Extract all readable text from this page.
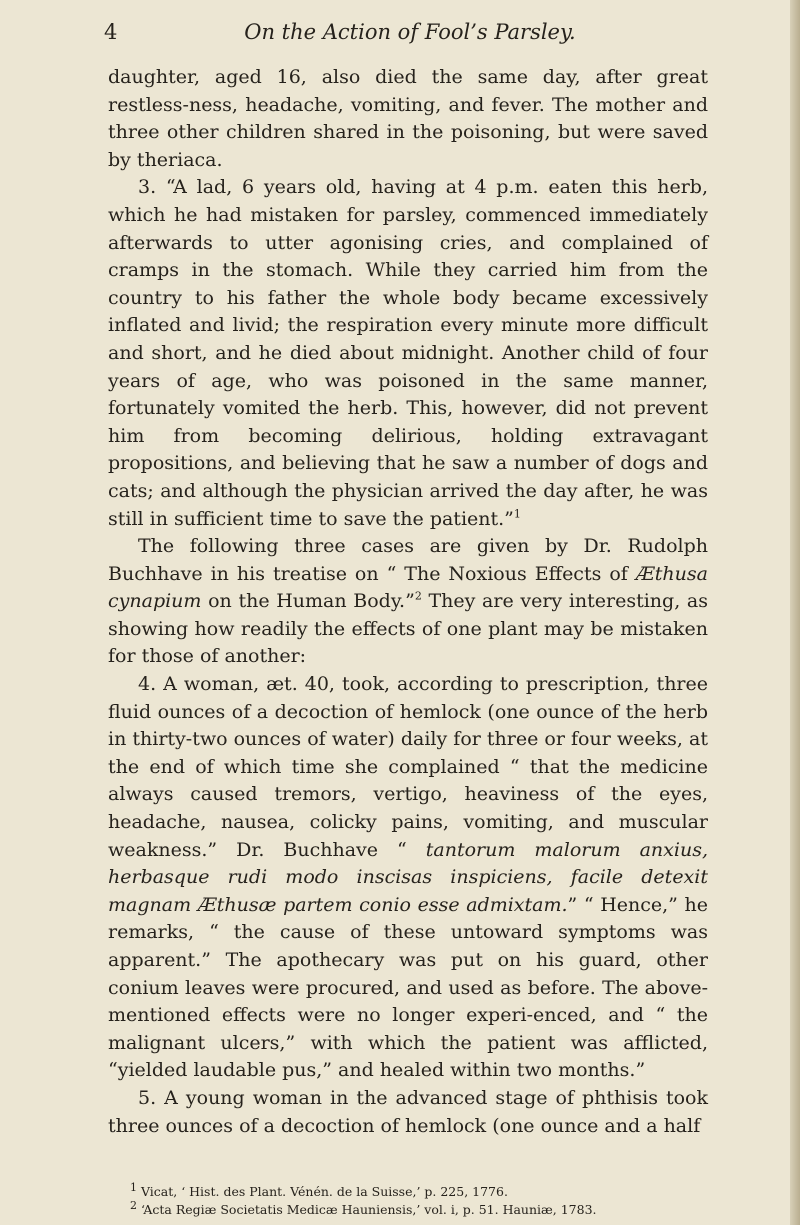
4	On the Action of Fool’s Parsley.

daughter, aged 16, also died the same day, after great restless-ness, headache, vomiting, and fever. The mother and three other children shared in the poisoning, but were saved by theriaca.

3. “A lad, 6 years old, having at 4 p.m. eaten this herb, which he had mistaken for parsley, commenced immediately afterwards to utter agonising cries, and complained of cramps in the stomach. While they carried him from the country to his father the whole body became excessively inflated and livid; the respiration every minute more difficult and short, and he died about midnight. Another child of four years of age, who was poisoned in the same manner, fortunately vomited the herb. This, however, did not prevent him from becoming delirious, holding extravagant propositions, and believing that he saw a number of dogs and cats; and although the physician arrived the day after, he was still in sufficient time to save the patient.”$^1$

The following three cases are given by Dr. Rudolph Buchhave in his treatise on “ The Noxious Effects of Æthusa cynapium on the Human Body.”$^2$ They are very interesting, as showing how readily the effects of one plant may be mistaken for those of another:

4. A woman, æt. 40, took, according to prescription, three fluid ounces of a decoction of hemlock (one ounce of the herb in thirty-two ounces of water) daily for three or four weeks, at the end of which time she complained “ that the medicine always caused tremors, vertigo, heaviness of the eyes, headache, nausea, colicky pains, vomiting, and muscular weakness.” Dr. Buchhave “ tantorum malorum anxius, herbasque rudi modo inscisas inspiciens, facile detexit magnam Æthusæ partem conio esse admixtam.” “ Hence,” he remarks, “ the cause of these untoward symptoms was apparent.” The apothecary was put on his guard, other conium leaves were procured, and used as before. The above-mentioned effects were no longer experi-enced, and “ the malignant ulcers,” with which the patient was afflicted, “yielded laudable pus,” and healed within two months.”

5. A young woman in the advanced stage of phthisis took three ounces of a decoction of hemlock (one ounce and a half

1 Vicat, ‘ Hist. des Plant. Vénén. de la Suisse,’ p. 225, 1776.

2 ‘Acta Regiæ Societatis Medicæ Hauniensis,’ vol. i, p. 51. Hauniæ, 1783.
